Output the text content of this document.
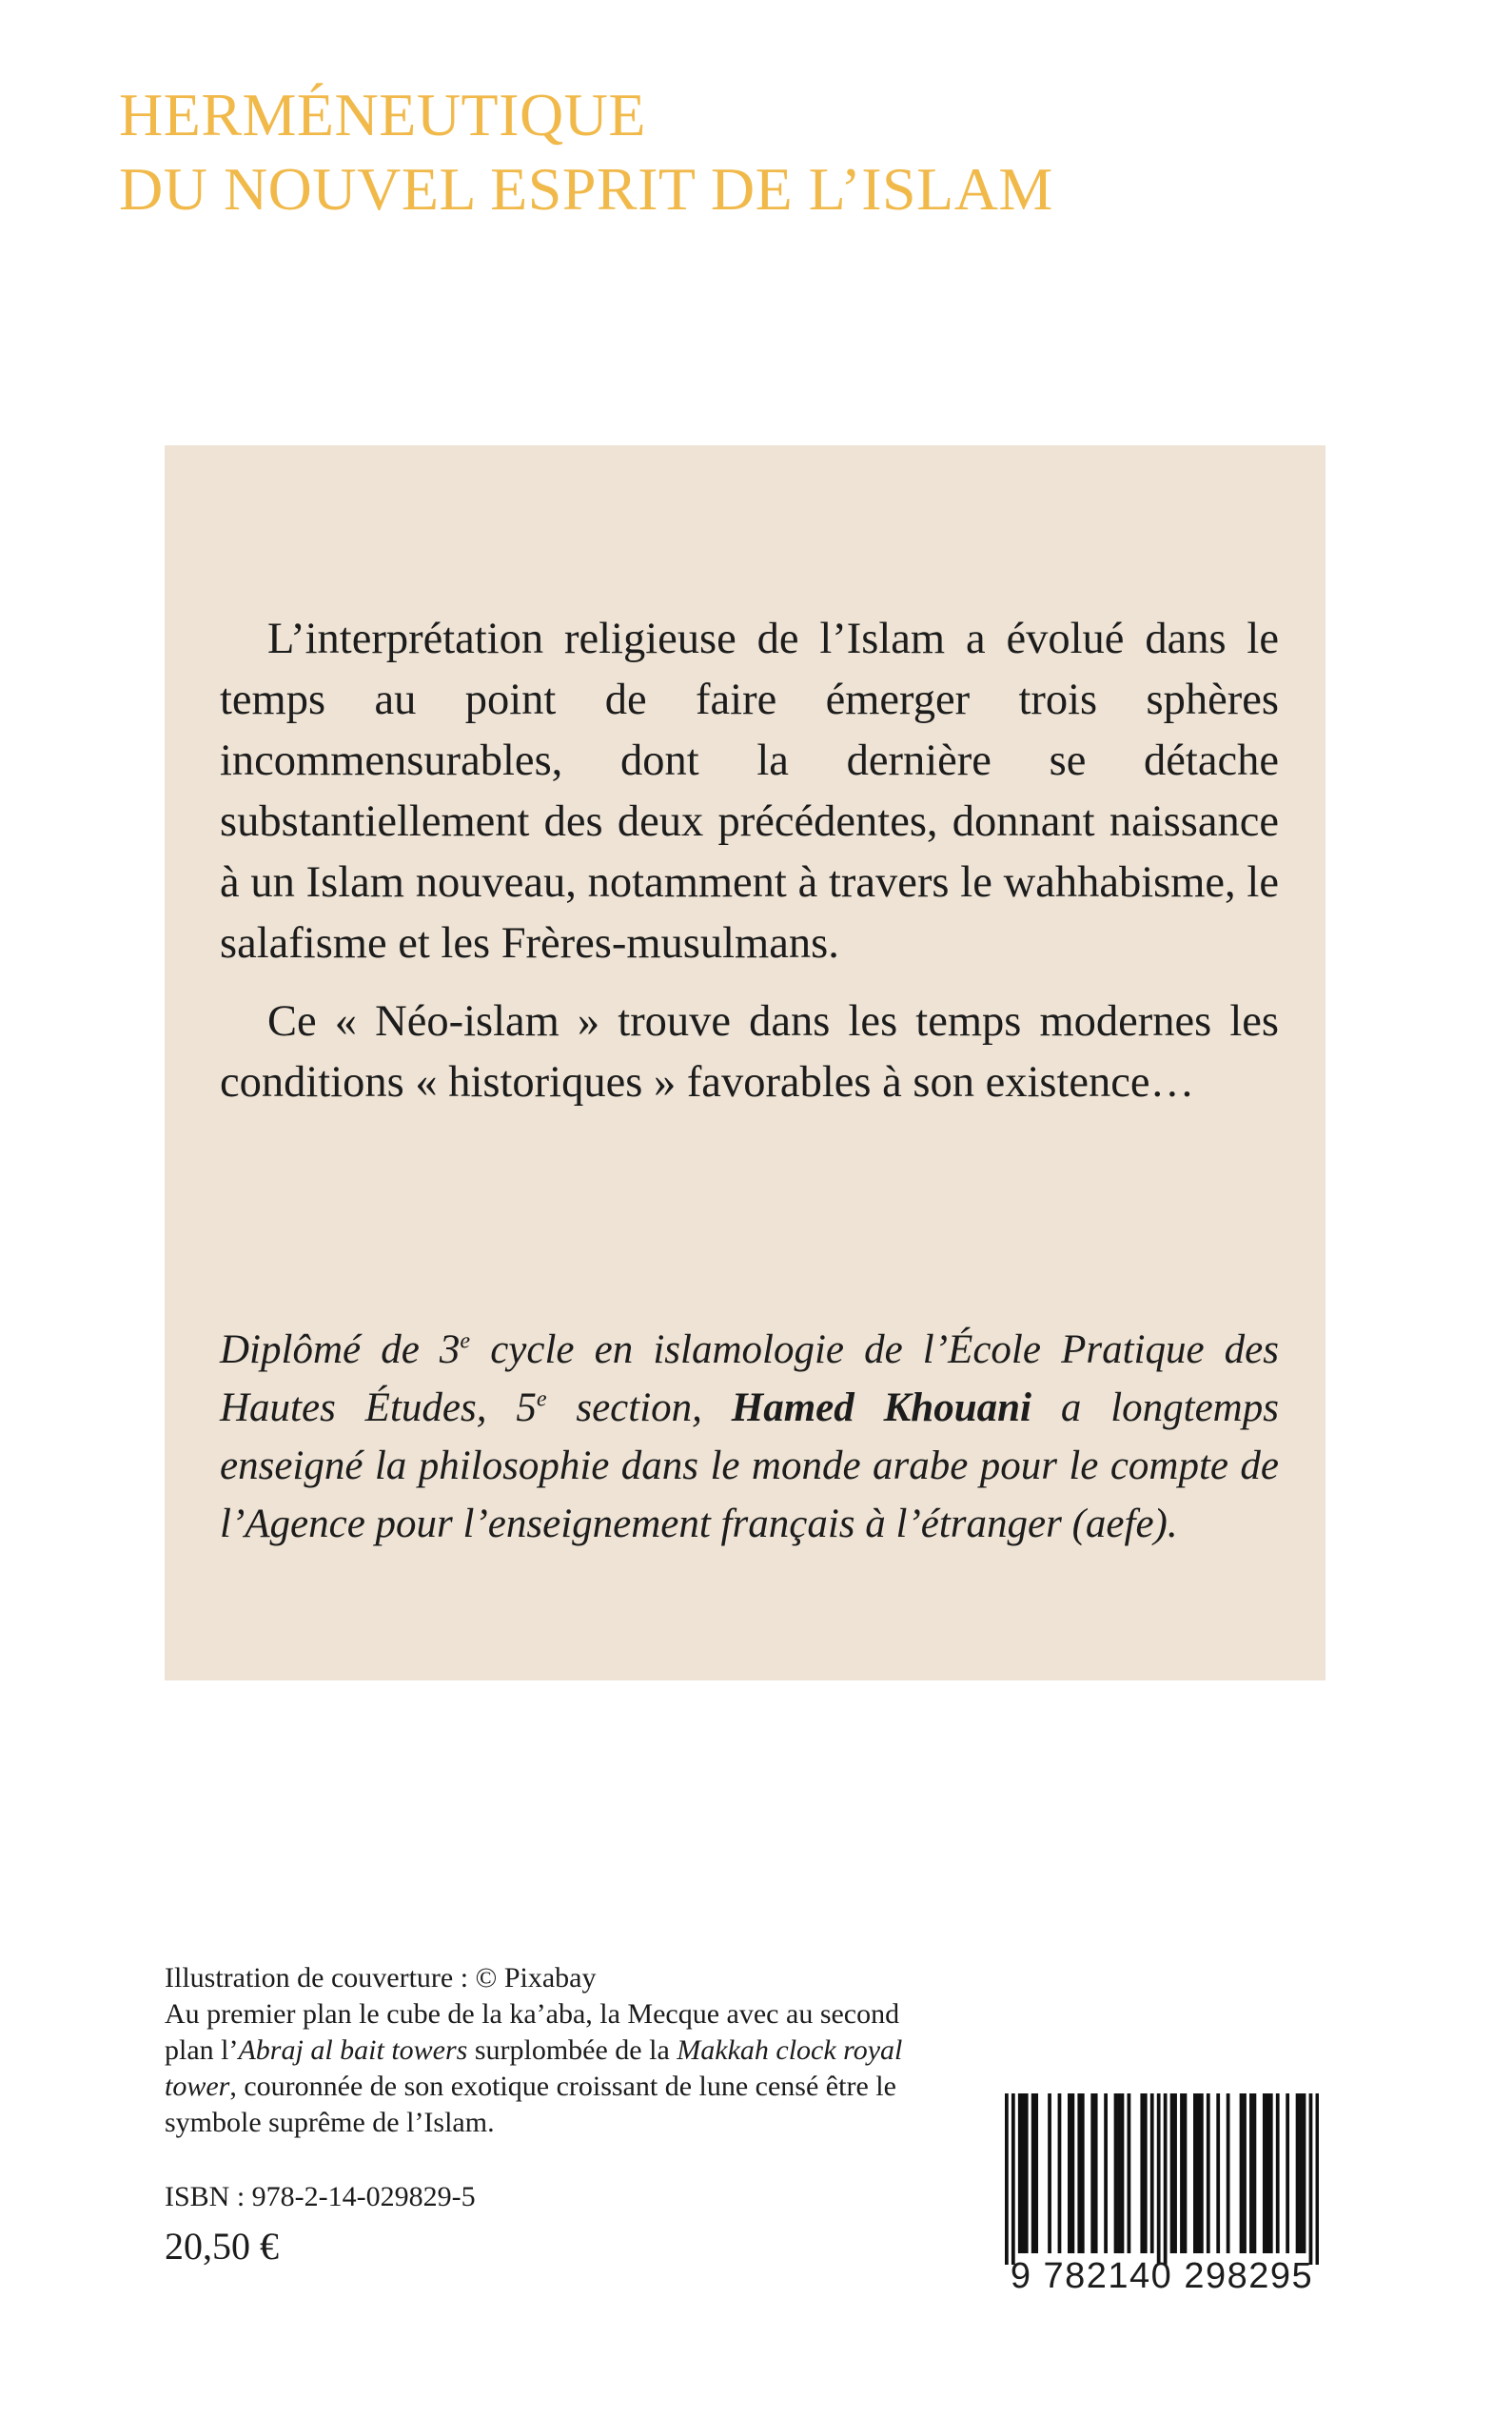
HERMÉNEUTIQUE
DU NOUVEL ESPRIT DE L’ISLAM

L’interprétation religieuse de l’Islam a évolué dans le temps au point de faire émerger trois sphères incommensurables, dont la dernière se détache substantiellement des deux précédentes, donnant naissance à un Islam nouveau, notamment à travers le wahhabisme, le salafisme et les Frères-musulmans.

Ce « Néo-islam » trouve dans les temps modernes les conditions « historiques » favorables à son existence…

Diplômé de 3e cycle en islamologie de l’École Pratique des Hautes Études, 5e section, Hamed Khouani a longtemps enseigné la philosophie dans le monde arabe pour le compte de l’Agence pour l’enseignement français à l’étranger (aefe).
Illustration de couverture : © Pixabay
Au premier plan le cube de la ka’aba, la Mecque avec au second
plan l’Abraj al bait towers surplombée de la Makkah clock royal
tower, couronnée de son exotique croissant de lune censé être le
symbole suprême de l’Islam.
ISBN : 978-2-14-029829-5
20,50 €
9 782140 298295
